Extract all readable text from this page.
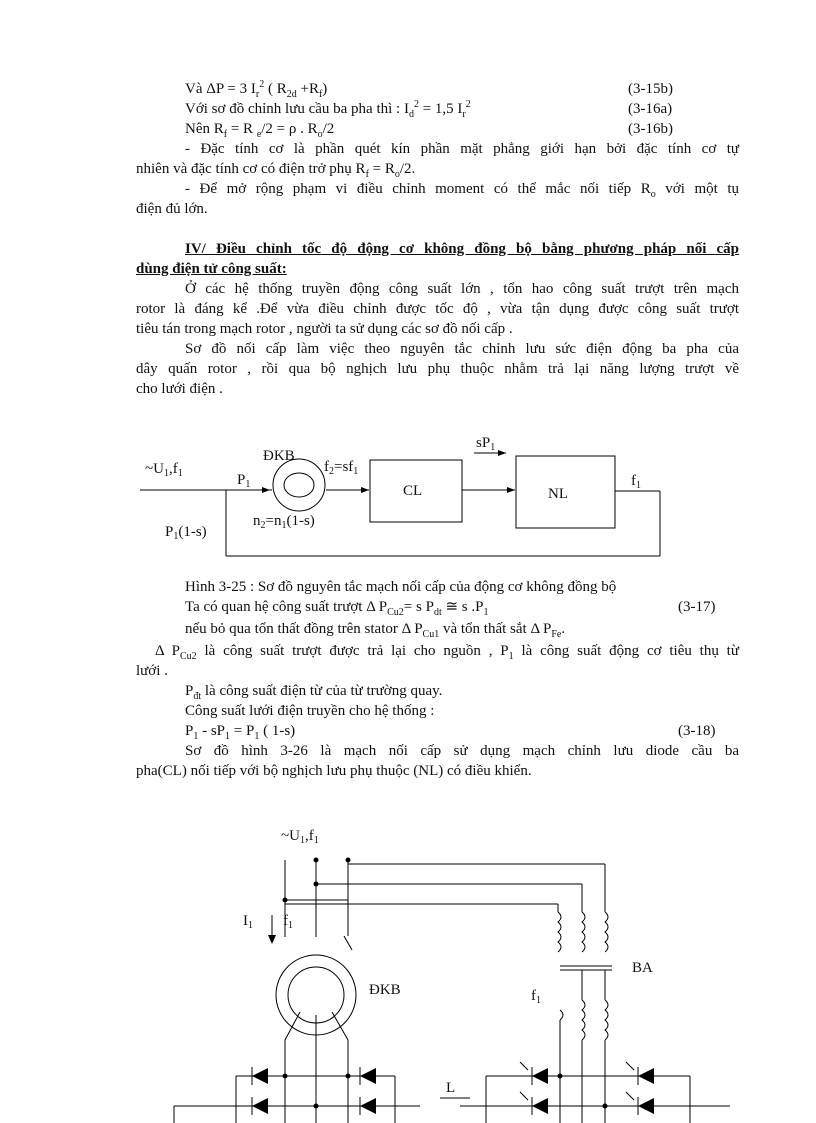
Và ΔP = 3 $I_r^2$ ( $R_{2d} +R_f$)	(3-15b)
Với sơ đồ chỉnh lưu cầu ba pha thì : $I_d^2 = 1,5$ $I_r^2$	(3-16a)
Nên $R_f = R$ $_e$/2 = ρ . $R_o/2$	(3-16b)
- Đặc tính cơ là phần quét kín phần mặt phẳng giới hạn bởi đặc tính cơ tự
nhiên và đặc tính cơ có điện trở phụ $R_f = R_o/2$.
- Để mở rộng phạm vi điều chỉnh moment có thể mắc nối tiếp $R_o$ với một tụ
điện đủ lớn.
IV/ Điều chỉnh tốc độ động cơ không đồng bộ bằng phương pháp nối cấp
dùng điện tử công suất:
Ở các hệ thống truyền động công suất lớn , tổn hao công suất trượt trên mạch
rotor là đáng kể .Để vừa điều chỉnh được tốc độ , vừa tận dụng được công suất trượt
tiêu tán trong mạch rotor , người ta sử dụng các sơ đồ nối cấp .
Sơ đồ nối cấp làm việc theo nguyên tắc chỉnh lưu sức điện động ba pha của
dây quấn rotor , rồi qua bộ nghịch lưu phụ thuộc nhằm trả lại năng lượng trượt về
cho lưới điện .
$\sim U_1,f_1$
ĐKB
$P_1$
$f_2=sf_1$
$sP_1$
CL	NL
$f_1$
$n_2=n_1(1-s)$
$P_1(1-s)$
$\sim U_1,f_1$
$I_1$ $f_1$
ĐKB
BA
$f_1$
L
Hình 3-25 : Sơ đồ nguyên tắc mạch nối cấp của động cơ không đồng bộ
Ta có quan hệ công suất trượt Δ $P_{Cu2}= s$ $P_{dt}$ ≅ s $.P_1$	(3-17)
nếu bỏ qua tổn thất đồng trên stator Δ $P_{Cu1}$ và tổn thất sắt Δ $P_{Fe}$.
Δ $P_{Cu2}$ là công suất trượt được trả lại cho nguồn , $P_1$ là công suất động cơ tiêu thụ từ
lưới .
$P_{đt}$ là công suất điện từ của từ trường quay.
Công suất lưới điện truyền cho hệ thống :
$P_1 - sP_1 = P_1$ ( 1-s)	(3-18)
Sơ đồ hình 3-26 là mạch nối cấp sử dụng mạch chỉnh lưu diode cầu ba
pha(CL) nối tiếp với bộ nghịch lưu phụ thuộc (NL) có điều khiển.
